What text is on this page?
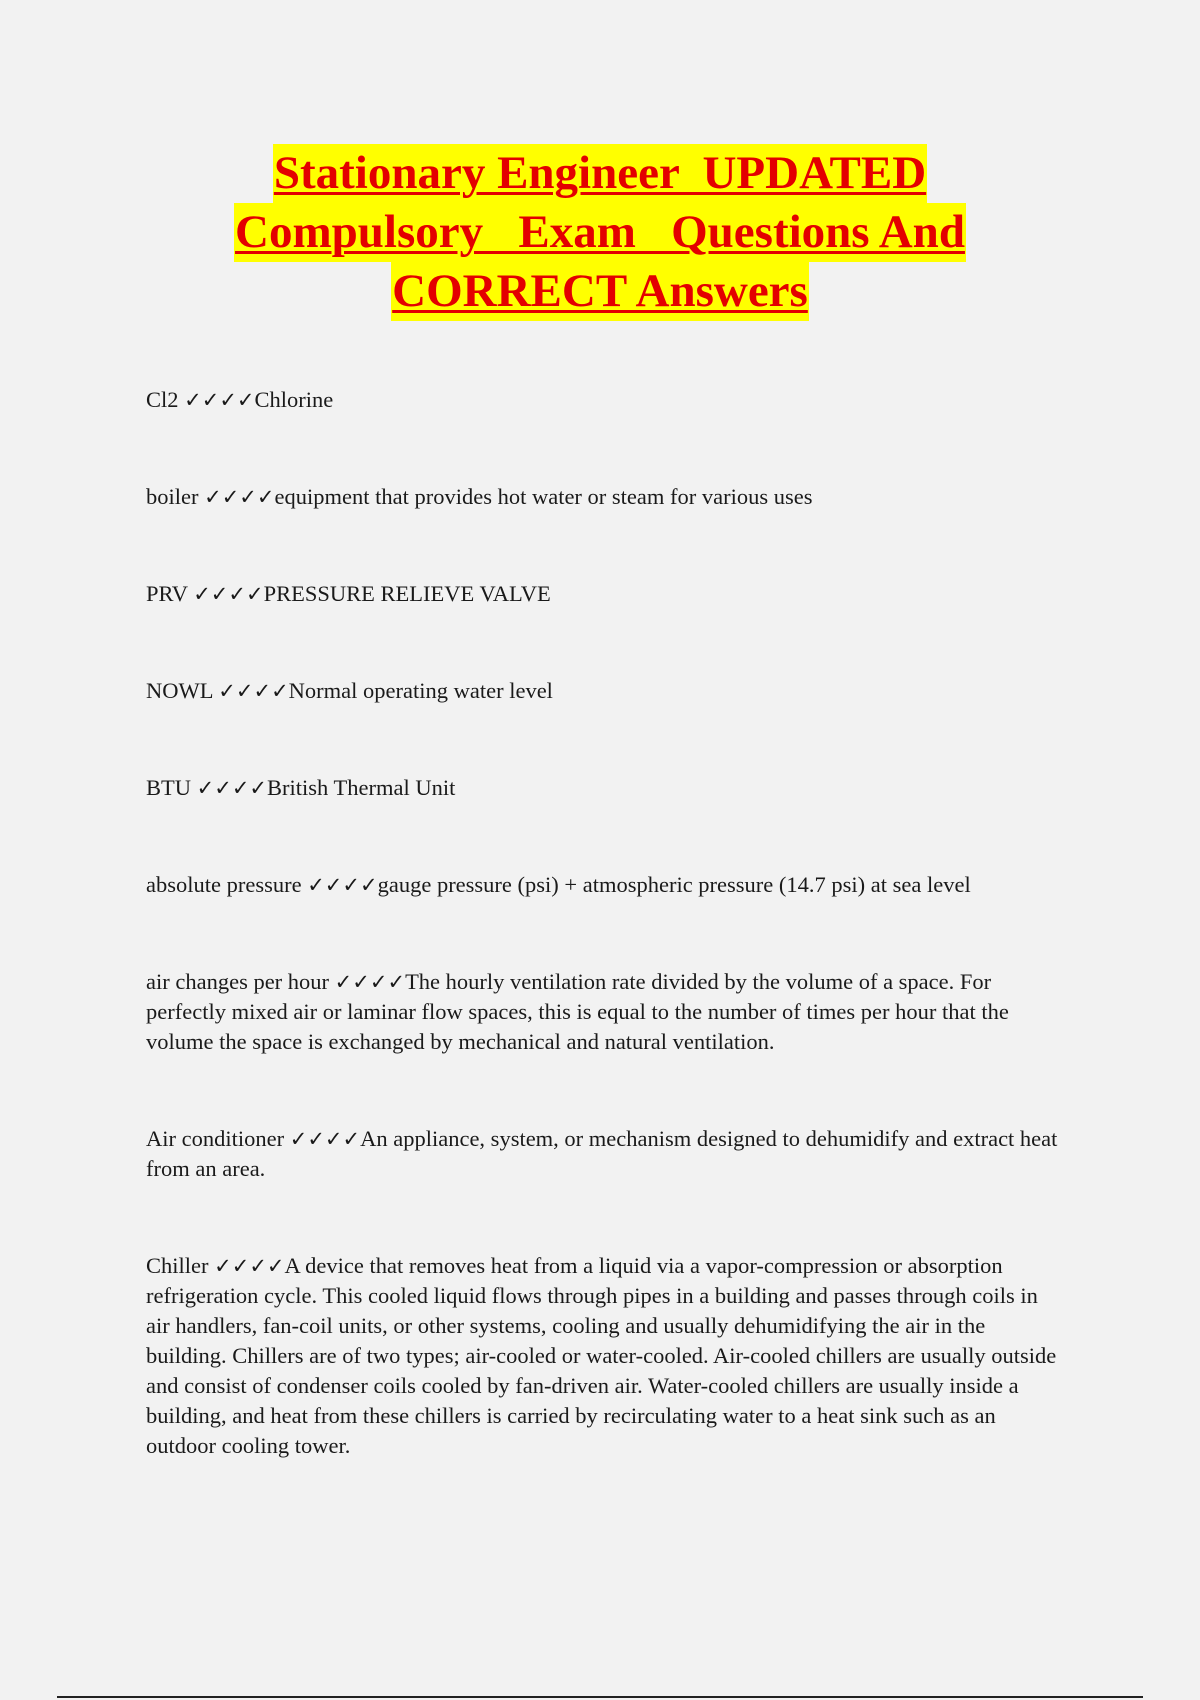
Stationary Engineer  UPDATED
Compulsory   Exam   Questions And
CORRECT Answers
Cl2 ✓✓✓✓Chlorine
boiler ✓✓✓✓equipment that provides hot water or steam for various uses
PRV ✓✓✓✓PRESSURE RELIEVE VALVE
NOWL ✓✓✓✓Normal operating water level
BTU ✓✓✓✓British Thermal Unit
absolute pressure ✓✓✓✓gauge pressure (psi) + atmospheric pressure (14.7 psi) at sea level
air changes per hour ✓✓✓✓The hourly ventilation rate divided by the volume of a space. For perfectly mixed air or laminar flow spaces, this is equal to the number of times per hour that the volume the space is exchanged by mechanical and natural ventilation.
Air conditioner ✓✓✓✓An appliance, system, or mechanism designed to dehumidify and extract heat from an area.
Chiller ✓✓✓✓A device that removes heat from a liquid via a vapor-compression or absorption refrigeration cycle. This cooled liquid flows through pipes in a building and passes through coils in air handlers, fan-coil units, or other systems, cooling and usually dehumidifying the air in the building. Chillers are of two types; air-cooled or water-cooled. Air-cooled chillers are usually outside and consist of condenser coils cooled by fan-driven air. Water-cooled chillers are usually inside a building, and heat from these chillers is carried by recirculating water to a heat sink such as an outdoor cooling tower.
